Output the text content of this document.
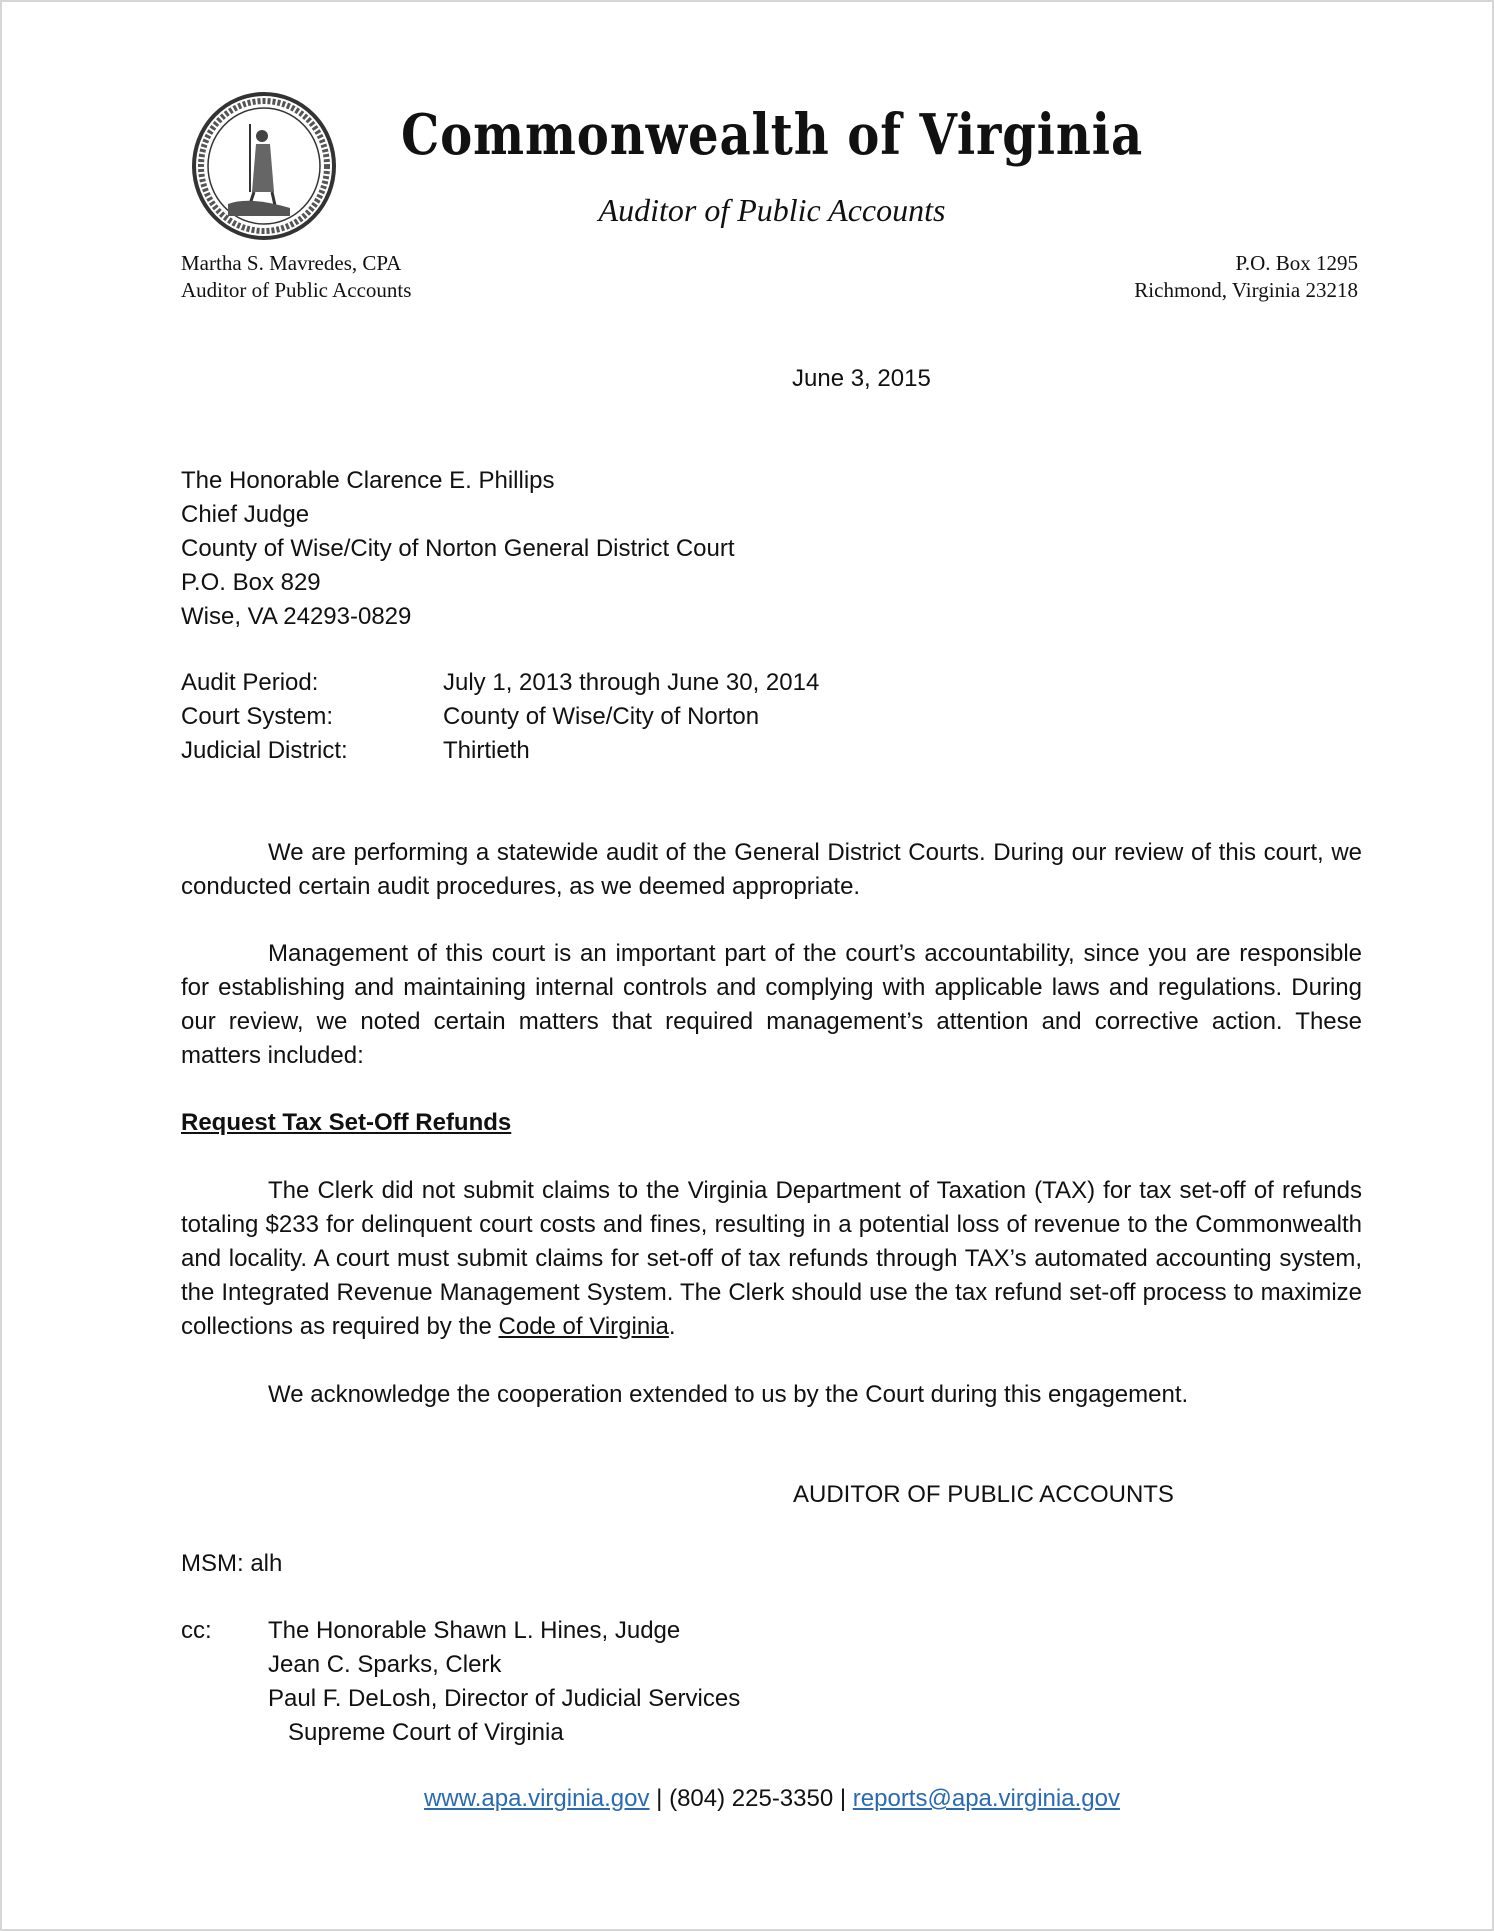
Commonwealth of Virginia
Auditor of Public Accounts
Martha S. Mavredes, CPA
Auditor of Public Accounts
P.O. Box 1295
Richmond, Virginia 23218
June 3, 2015
The Honorable Clarence E. Phillips
Chief Judge
County of Wise/City of Norton General District Court
P.O. Box 829
Wise, VA 24293-0829
Audit Period:	July 1, 2013 through June 30, 2014
Court System:	County of Wise/City of Norton
Judicial District:	Thirtieth

We are performing a statewide audit of the General District Courts. During our review of this court, we conducted certain audit procedures, as we deemed appropriate.

Management of this court is an important part of the court’s accountability, since you are responsible for establishing and maintaining internal controls and complying with applicable laws and regulations. During our review, we noted certain matters that required management’s attention and corrective action. These matters included:

Request Tax Set-Off Refunds

The Clerk did not submit claims to the Virginia Department of Taxation (TAX) for tax set-off of refunds totaling $233 for delinquent court costs and fines, resulting in a potential loss of revenue to the Commonwealth and locality. A court must submit claims for set-off of tax refunds through TAX’s automated accounting system, the Integrated Revenue Management System. The Clerk should use the tax refund set-off process to maximize collections as required by the Code of Virginia.

We acknowledge the cooperation extended to us by the Court during this engagement.

AUDITOR OF PUBLIC ACCOUNTS
MSM: alh
cc:	The Honorable Shawn L. Hines, Judge
Jean C. Sparks, Clerk
Paul F. DeLosh, Director of Judicial Services
Supreme Court of Virginia
www.apa.virginia.gov | (804) 225-3350 | reports@apa.virginia.gov
